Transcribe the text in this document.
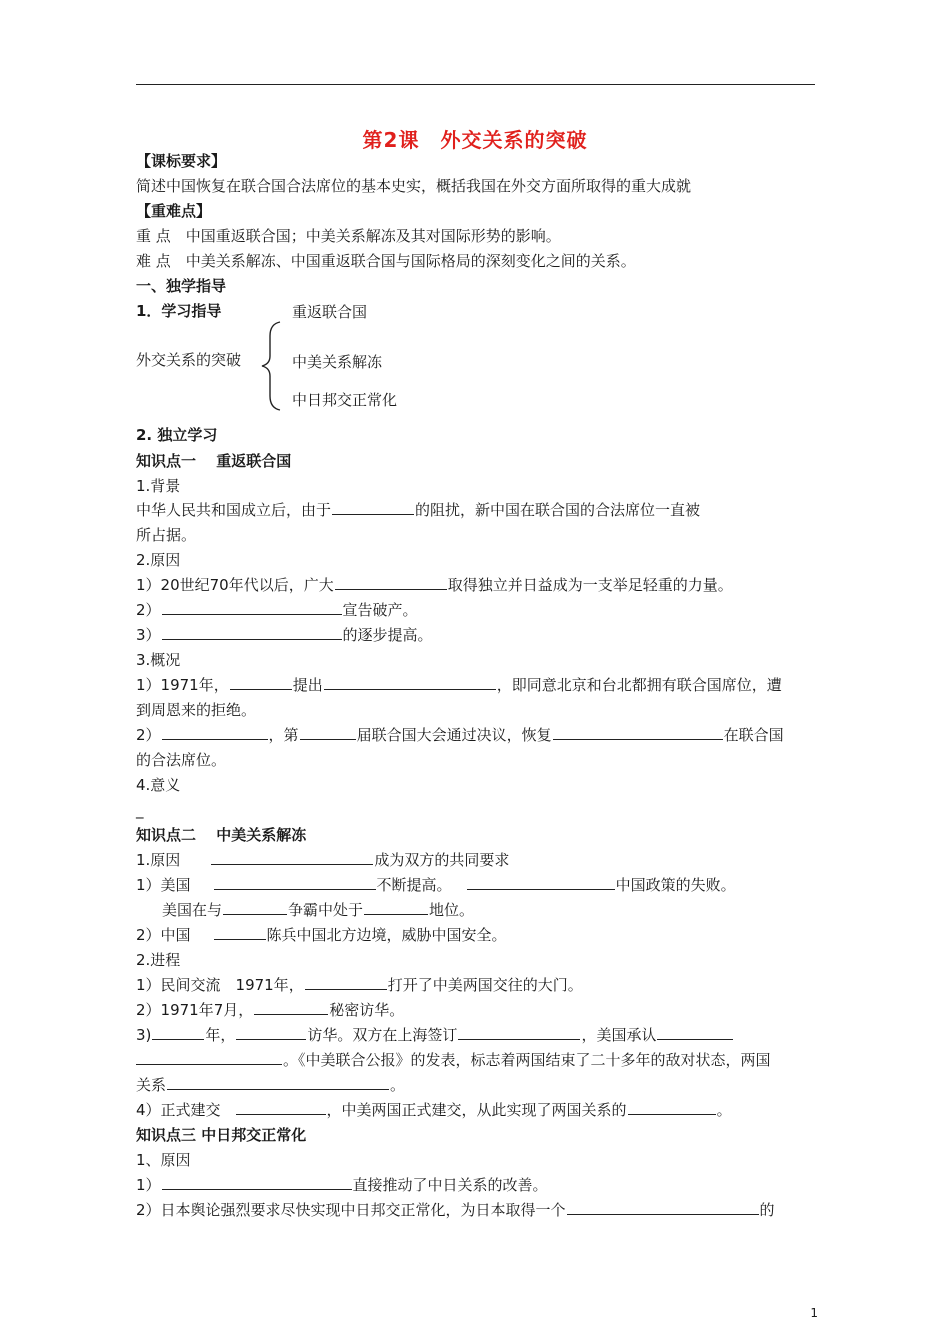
第2课　外交关系的突破
【课标要求】
简述中国恢复在联合国合法席位的基本史实，概括我国在外交方面所取得的重大成就
【重难点】
重 点　中国重返联合国；中美关系解冻及其对国际形势的影响。
难 点　中美关系解冻、中国重返联合国与国际格局的深刻变化之间的关系。
一、独学指导
1．学习指导
外交关系的突破
重返联合国
中美关系解冻
中日邦交正常化
2. 独立学习
知识点一　 重返联合国
1.背景
中华人民共和国成立后，由于	的阻扰，新中国在联合国的合法席位一直被
所占据。
2.原因
1）20世纪70年代以后，广大	取得独立并日益成为一支举足轻重的力量。
2）	宣告破产。
3）	的逐步提高。
3.概况
1）1971年，	提出	，即同意北京和台北都拥有联合国席位，遭
到周恩来的拒绝。
2）	，第	届联合国大会通过决议，恢复	在联合国
的合法席位。
4.意义
_
知识点二　 中美关系解冻
1.原因	成为双方的共同要求
1）美国	不断提高。	中国政策的失败。
美国在与	争霸中处于	地位。
2）中国	陈兵中国北方边境，威胁中国安全。
2.进程
1）民间交流　1971年，	打开了中美两国交往的大门。
2）1971年7月，	秘密访华。
3)	年，	访华。双方在上海签订	，美国承认
。《中美联合公报》的发表，标志着两国结束了二十多年的敌对状态，两国
关系	。
4）正式建交	，中美两国正式建交，从此实现了两国关系的	。
知识点三 中日邦交正常化
1、原因
1）	直接推动了中日关系的改善。
2）日本舆论强烈要求尽快实现中日邦交正常化，为日本取得一个	的
1
